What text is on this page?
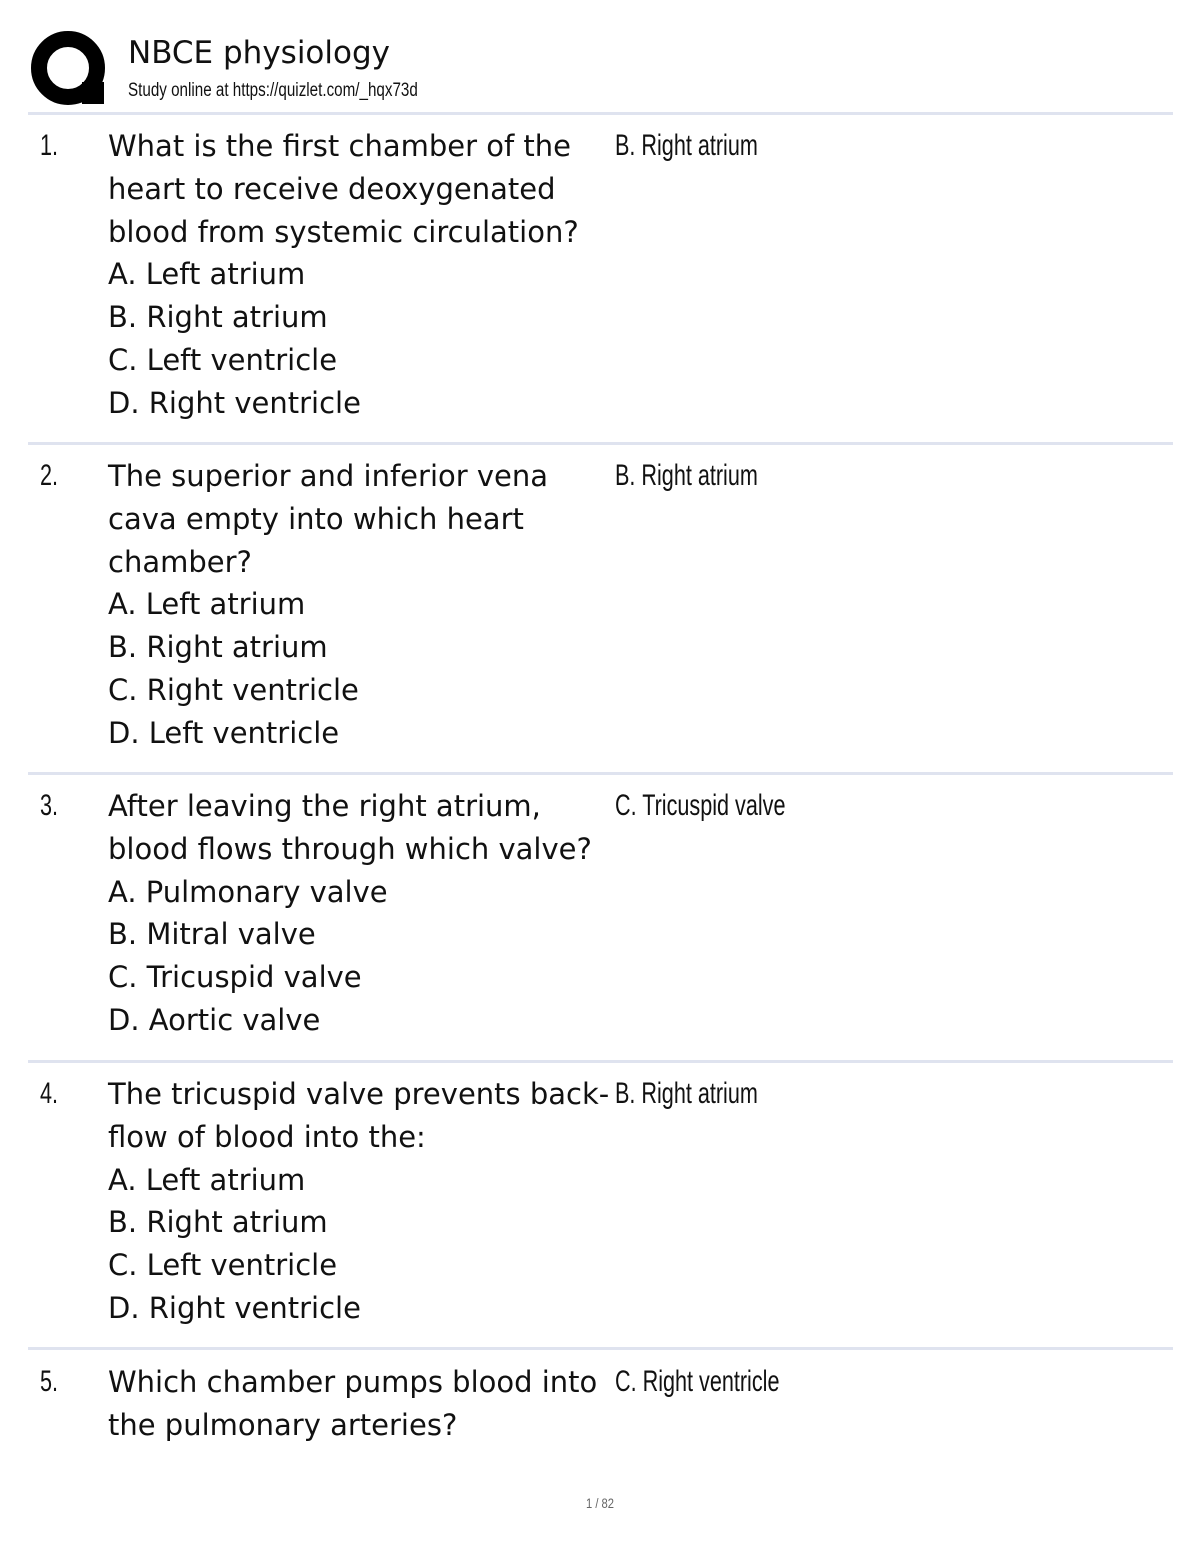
NBCE physiology
Study online at https://quizlet.com/_hqx73d
1. What is the first chamber of the
heart to receive deoxygenated
blood from systemic circulation?
A. Left atrium
B. Right atrium
C. Left ventricle
D. Right ventricle
B. Right atrium
2. The superior and inferior vena
cava empty into which heart
chamber?
A. Left atrium
B. Right atrium
C. Right ventricle
D. Left ventricle
B. Right atrium
3. After leaving the right atrium,
blood flows through which valve?
A. Pulmonary valve
B. Mitral valve
C. Tricuspid valve
D. Aortic valve
C. Tricuspid valve
4. The tricuspid valve prevents back-
flow of blood into the:
A. Left atrium
B. Right atrium
C. Left ventricle
D. Right ventricle
B. Right atrium
5. Which chamber pumps blood into
the pulmonary arteries?
C. Right ventricle
1 / 82
